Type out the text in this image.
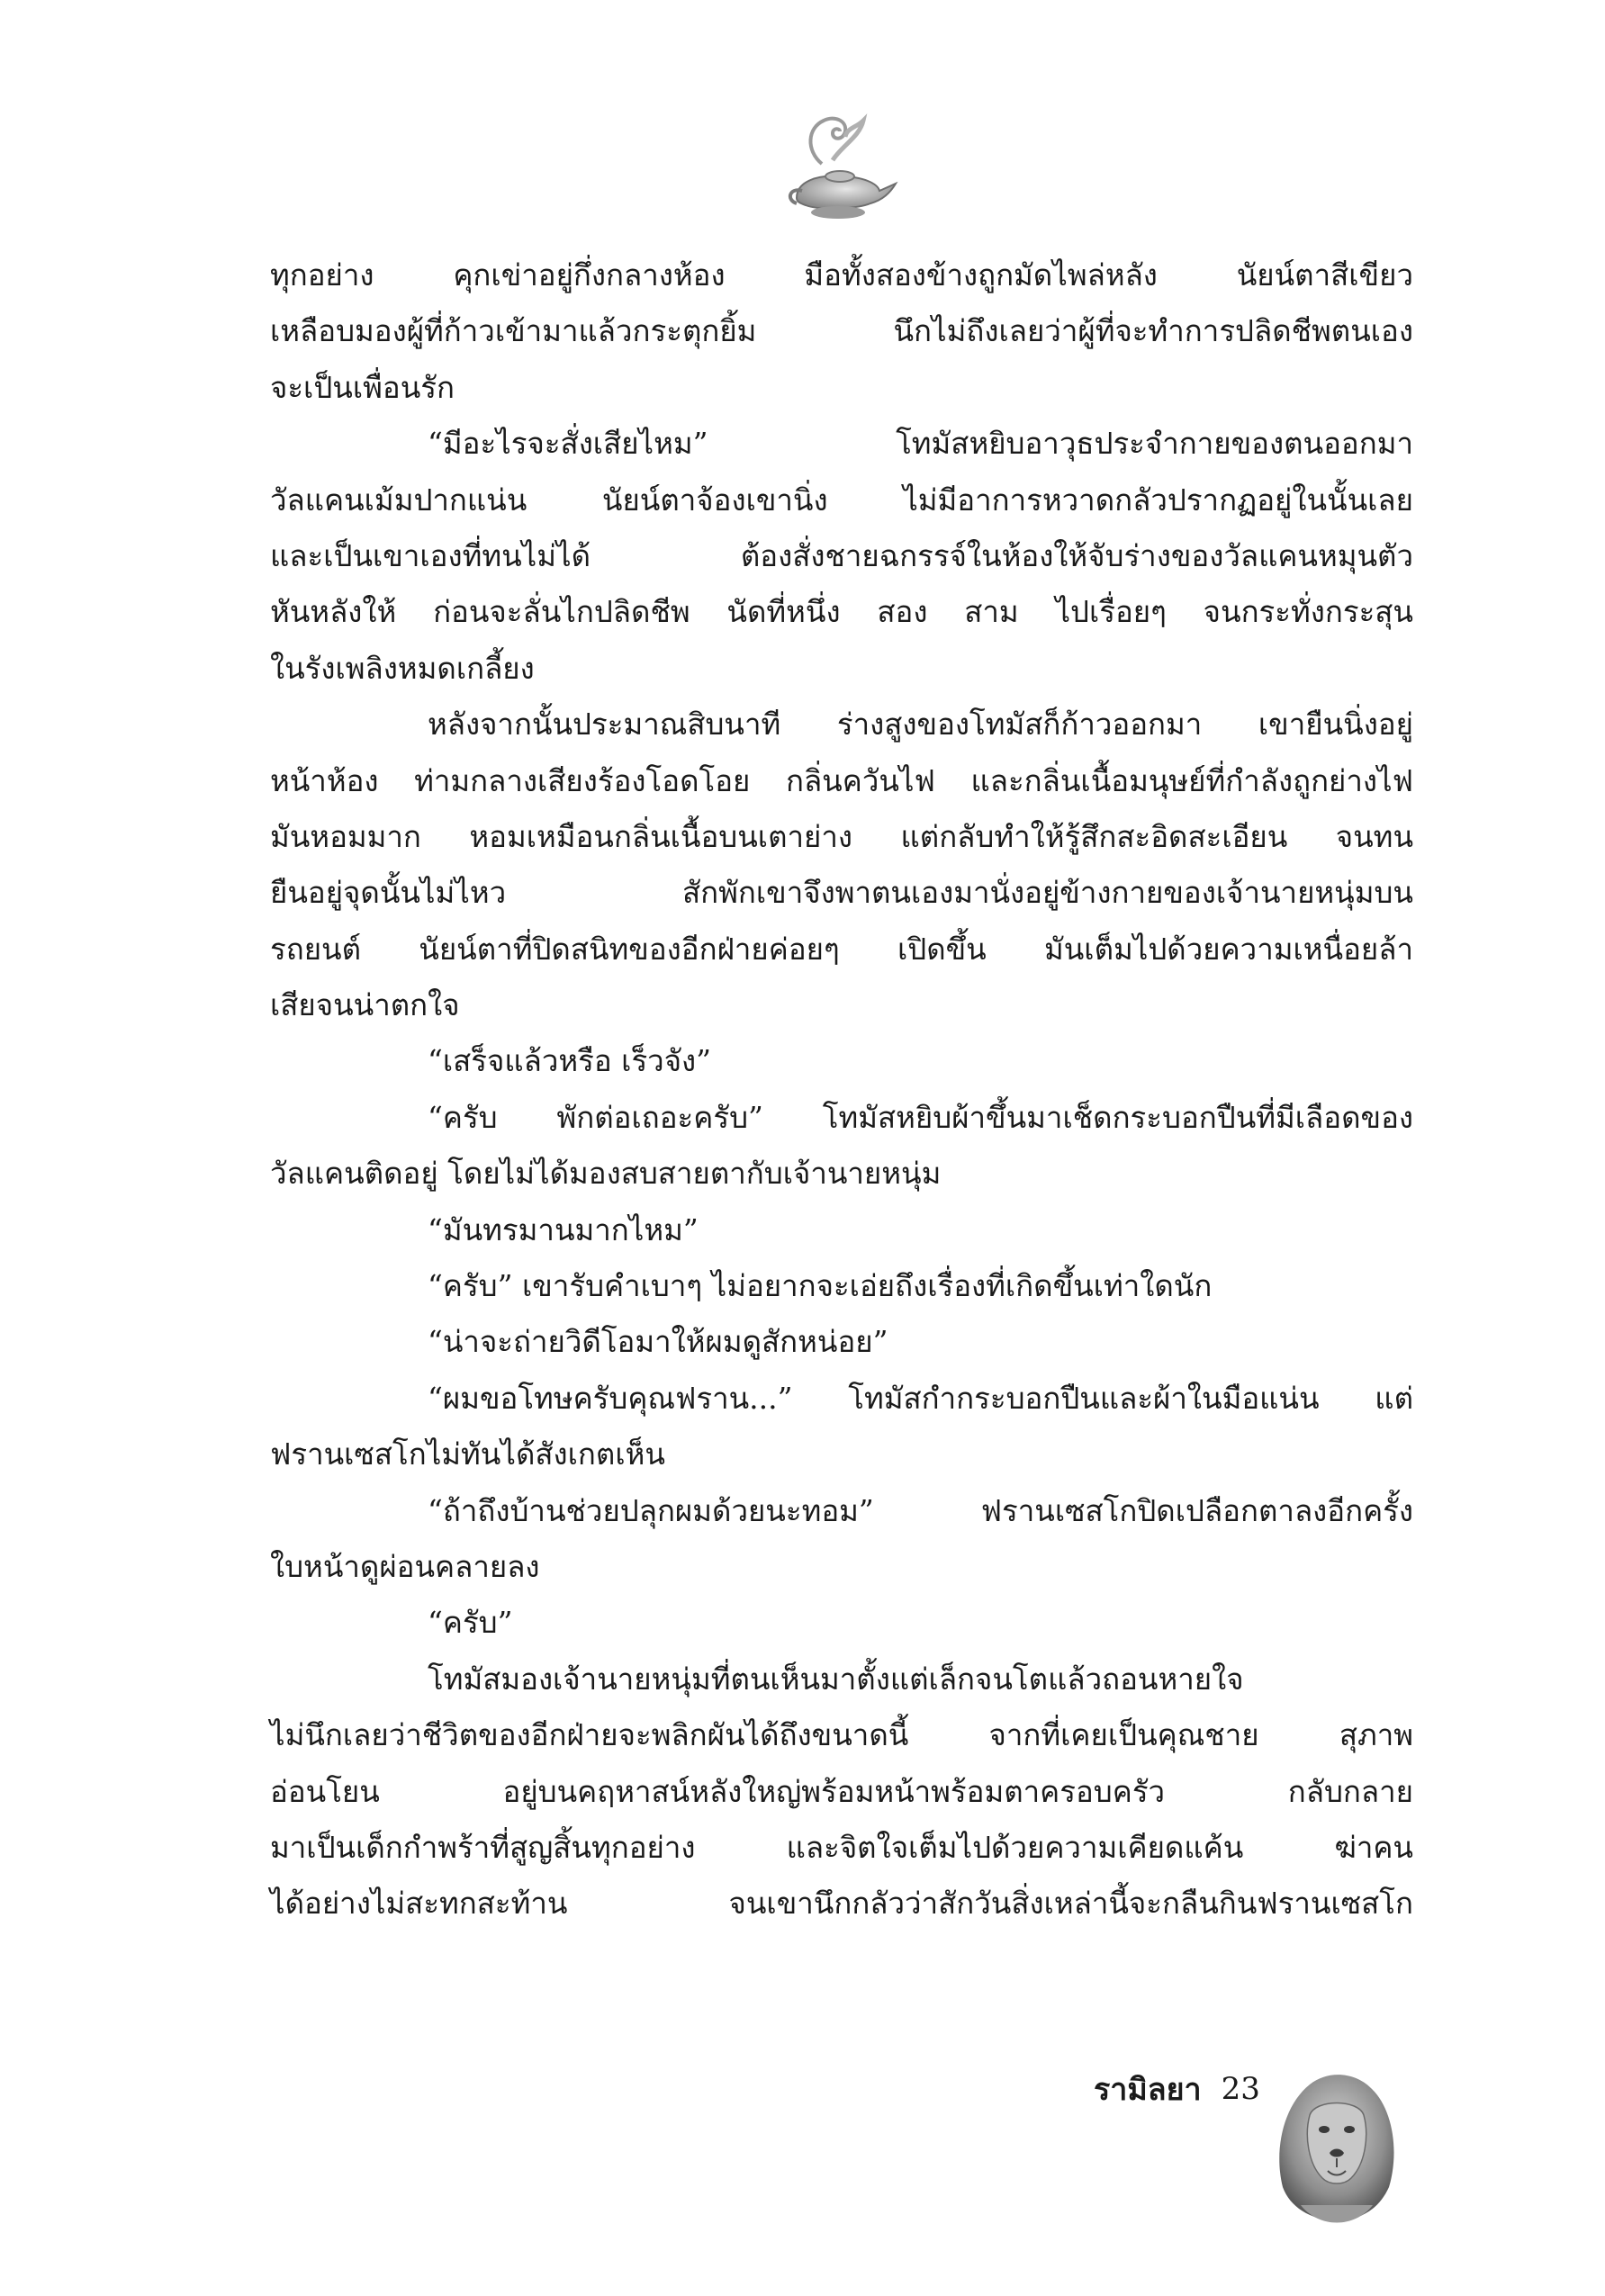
ทุกอย่าง คุกเข่าอยู่กึ่งกลางห้อง มือทั้งสองข้างถูกมัดไพล่หลัง นัยน์ตาสีเขียว
เหลือบมองผู้ที่ก้าวเข้ามาแล้วกระตุกยิ้ม นึกไม่ถึงเลยว่าผู้ที่จะทำการปลิดชีพตนเอง
จะเป็นเพื่อนรัก
“มีอะไรจะสั่งเสียไหม” โทมัสหยิบอาวุธประจำกายของตนออกมา
วัลแคนเม้มปากแน่น นัยน์ตาจ้องเขานิ่ง ไม่มีอาการหวาดกลัวปรากฏอยู่ในนั้นเลย
และเป็นเขาเองที่ทนไม่ได้ ต้องสั่งชายฉกรรจ์ในห้องให้จับร่างของวัลแคนหมุนตัว
หันหลังให้ ก่อนจะลั่นไกปลิดชีพ นัดที่หนึ่ง สอง สาม ไปเรื่อยๆ จนกระทั่งกระสุน
ในรังเพลิงหมดเกลี้ยง
หลังจากนั้นประมาณสิบนาที ร่างสูงของโทมัสก็ก้าวออกมา เขายืนนิ่งอยู่
หน้าห้อง ท่ามกลางเสียงร้องโอดโอย กลิ่นควันไฟ และกลิ่นเนื้อมนุษย์ที่กำลังถูกย่างไฟ
มันหอมมาก หอมเหมือนกลิ่นเนื้อบนเตาย่าง แต่กลับทำให้รู้สึกสะอิดสะเอียน จนทน
ยืนอยู่จุดนั้นไม่ไหว สักพักเขาจึงพาตนเองมานั่งอยู่ข้างกายของเจ้านายหนุ่มบน
รถยนต์ นัยน์ตาที่ปิดสนิทของอีกฝ่ายค่อยๆ เปิดขึ้น มันเต็มไปด้วยความเหนื่อยล้า
เสียจนน่าตกใจ
“เสร็จแล้วหรือ เร็วจัง”
“ครับ พักต่อเถอะครับ” โทมัสหยิบผ้าขึ้นมาเช็ดกระบอกปืนที่มีเลือดของ
วัลแคนติดอยู่ โดยไม่ได้มองสบสายตากับเจ้านายหนุ่ม
“มันทรมานมากไหม”
“ครับ” เขารับคำเบาๆ ไม่อยากจะเอ่ยถึงเรื่องที่เกิดขึ้นเท่าใดนัก
“น่าจะถ่ายวิดีโอมาให้ผมดูสักหน่อย”
“ผมขอโทษครับคุณฟราน...” โทมัสกำกระบอกปืนและผ้าในมือแน่น แต่
ฟรานเซสโกไม่ทันได้สังเกตเห็น
“ถ้าถึงบ้านช่วยปลุกผมด้วยนะทอม” ฟรานเซสโกปิดเปลือกตาลงอีกครั้ง
ใบหน้าดูผ่อนคลายลง
“ครับ”
โทมัสมองเจ้านายหนุ่มที่ตนเห็นมาตั้งแต่เล็กจนโตแล้วถอนหายใจ
ไม่นึกเลยว่าชีวิตของอีกฝ่ายจะพลิกผันได้ถึงขนาดนี้ จากที่เคยเป็นคุณชาย สุภาพ
อ่อนโยน อยู่บนคฤหาสน์หลังใหญ่พร้อมหน้าพร้อมตาครอบครัว กลับกลาย
มาเป็นเด็กกำพร้าที่สูญสิ้นทุกอย่าง และจิตใจเต็มไปด้วยความเคียดแค้น ฆ่าคน
ได้อย่างไม่สะทกสะท้าน จนเขานึกกลัวว่าสักวันสิ่งเหล่านี้จะกลืนกินฟรานเซสโก
รามิลยา 23
